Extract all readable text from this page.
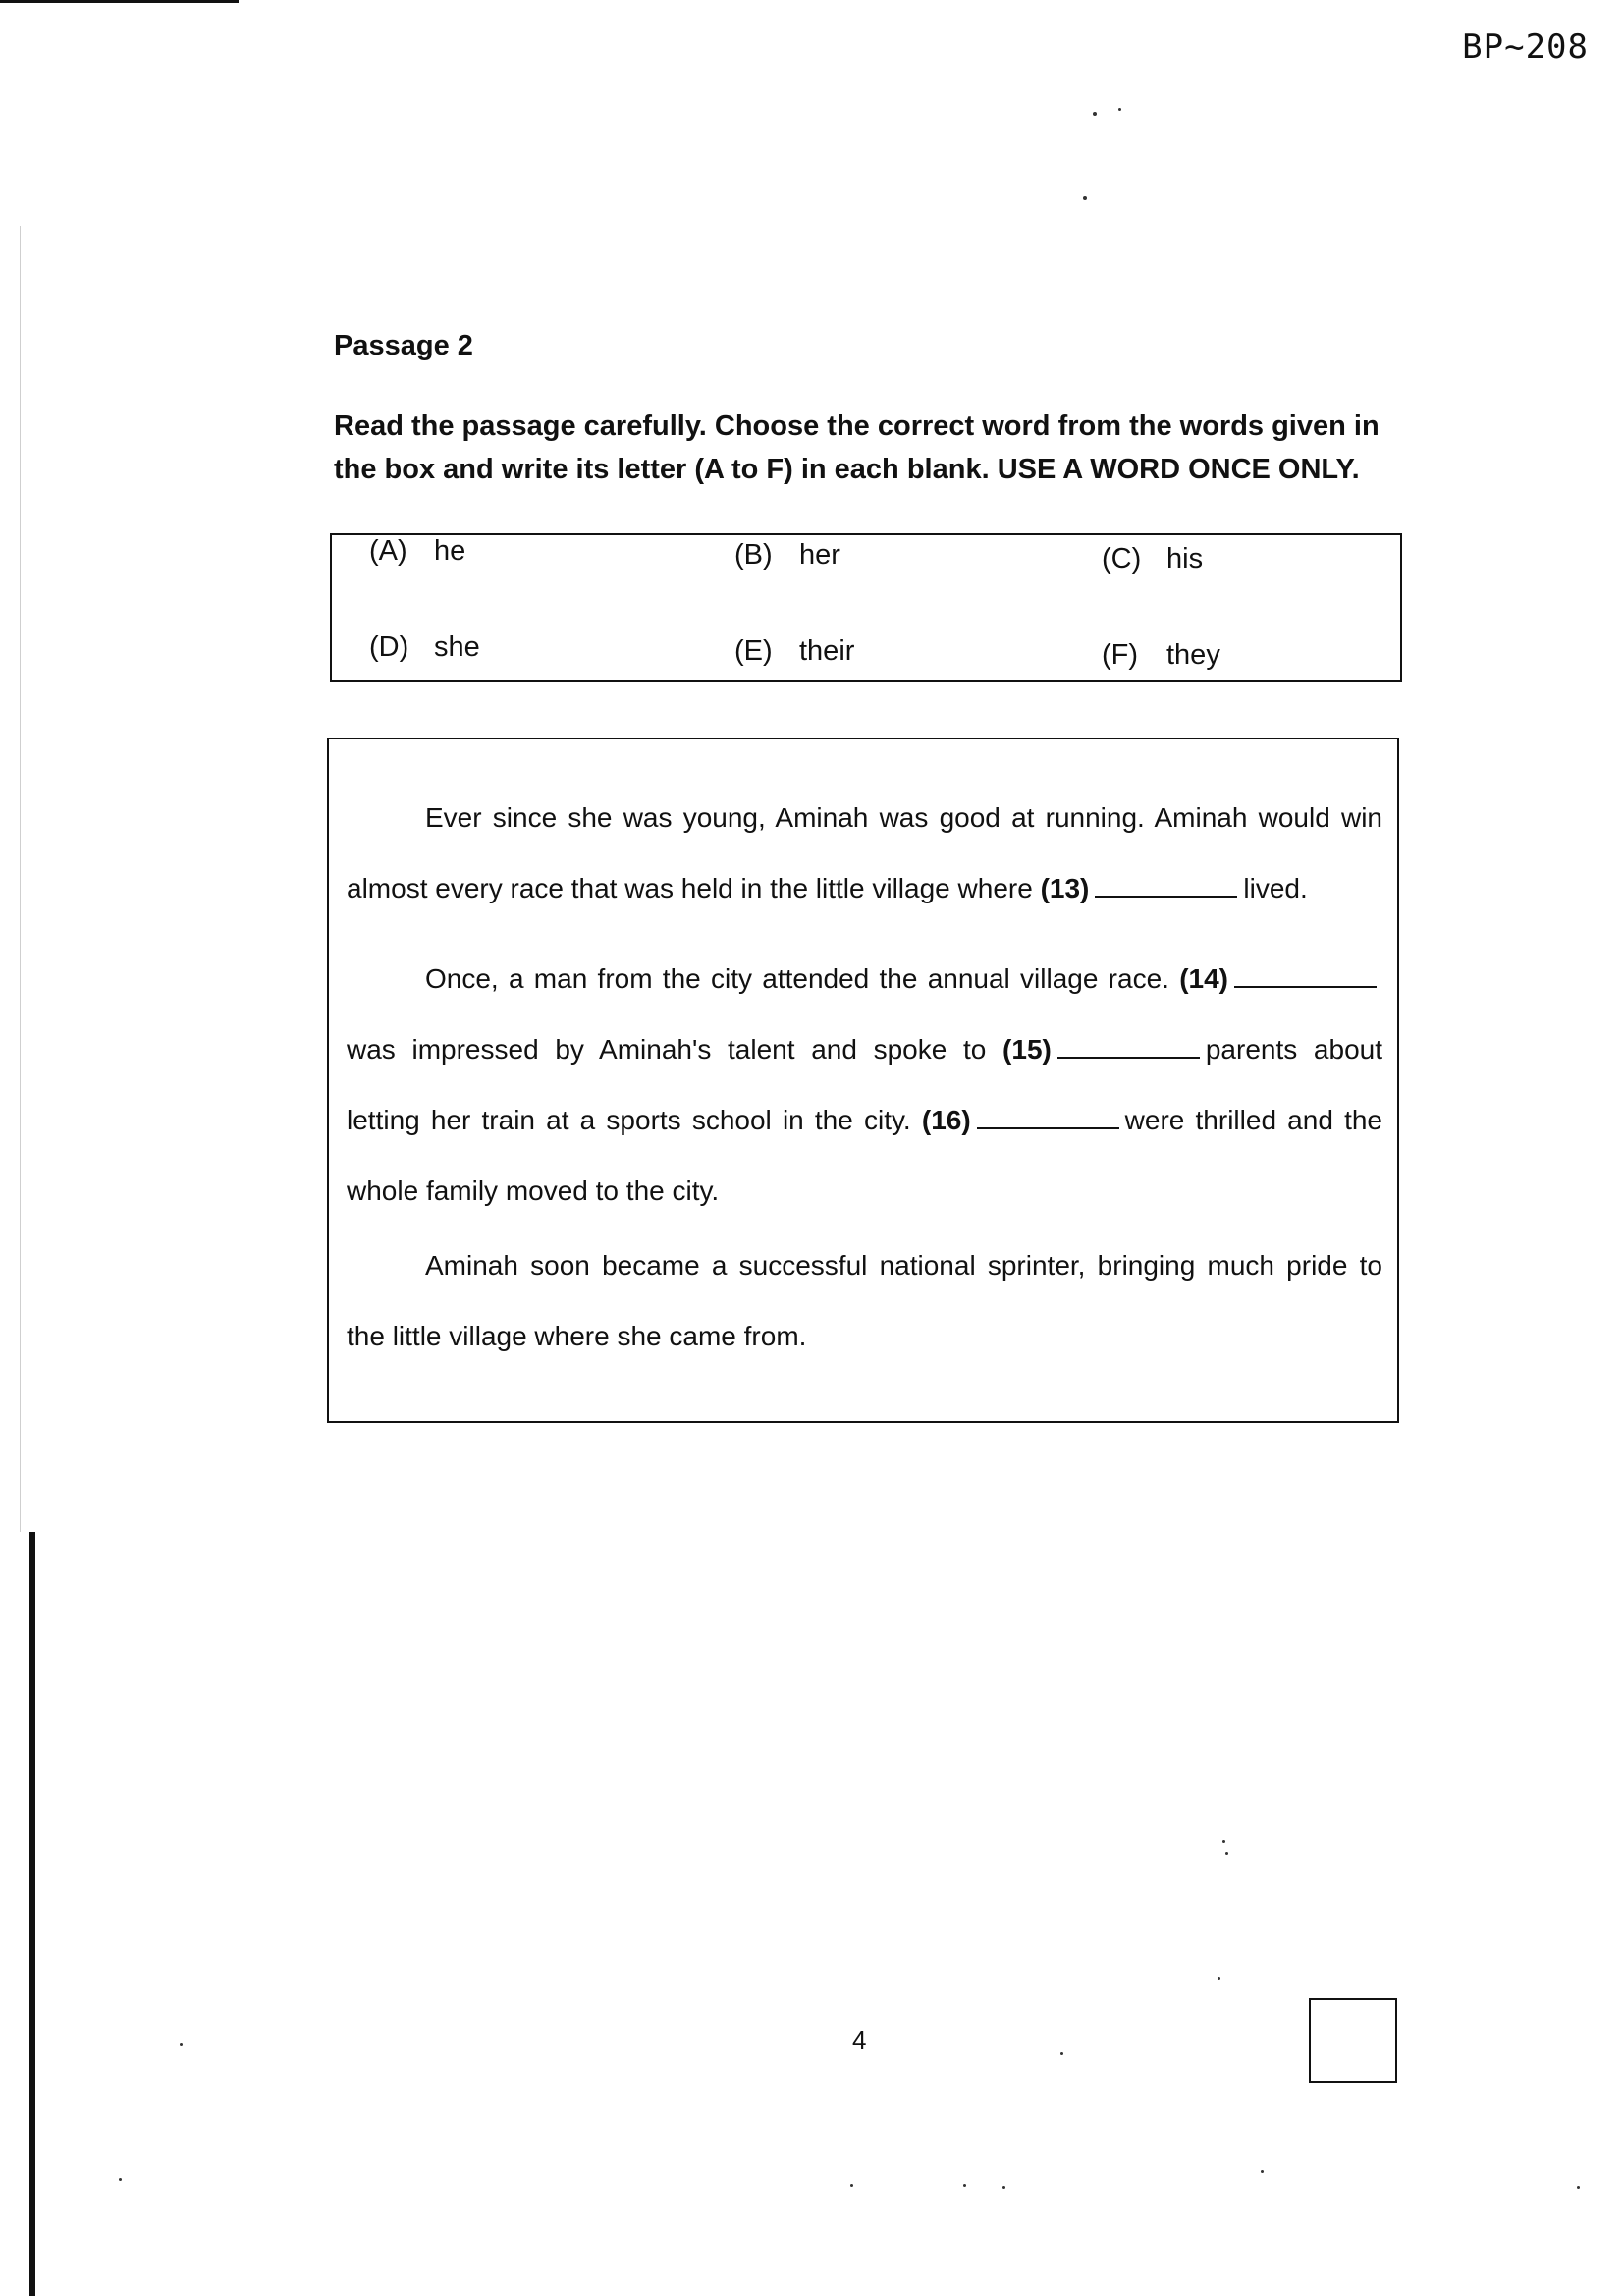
BP~208
Passage 2
Read the passage carefully. Choose the correct word from the words given in the box and write its letter (A to F) in each blank. USE A WORD ONCE ONLY.
(A) he	(B) her	(C) his
(D) she	(E) their	(F) they
Ever since she was young, Aminah was good at running. Aminah would win almost every race that was held in the little village where (13)	lived.
Once, a man from the city attended the annual village race. (14)was impressed by Aminah's talent and spoke to (15)	parents about letting her train at a sports school in the city. (16)	were thrilled and the whole family moved to the city.
Aminah soon became a successful national sprinter, bringing much pride to the little village where she came from.
4
